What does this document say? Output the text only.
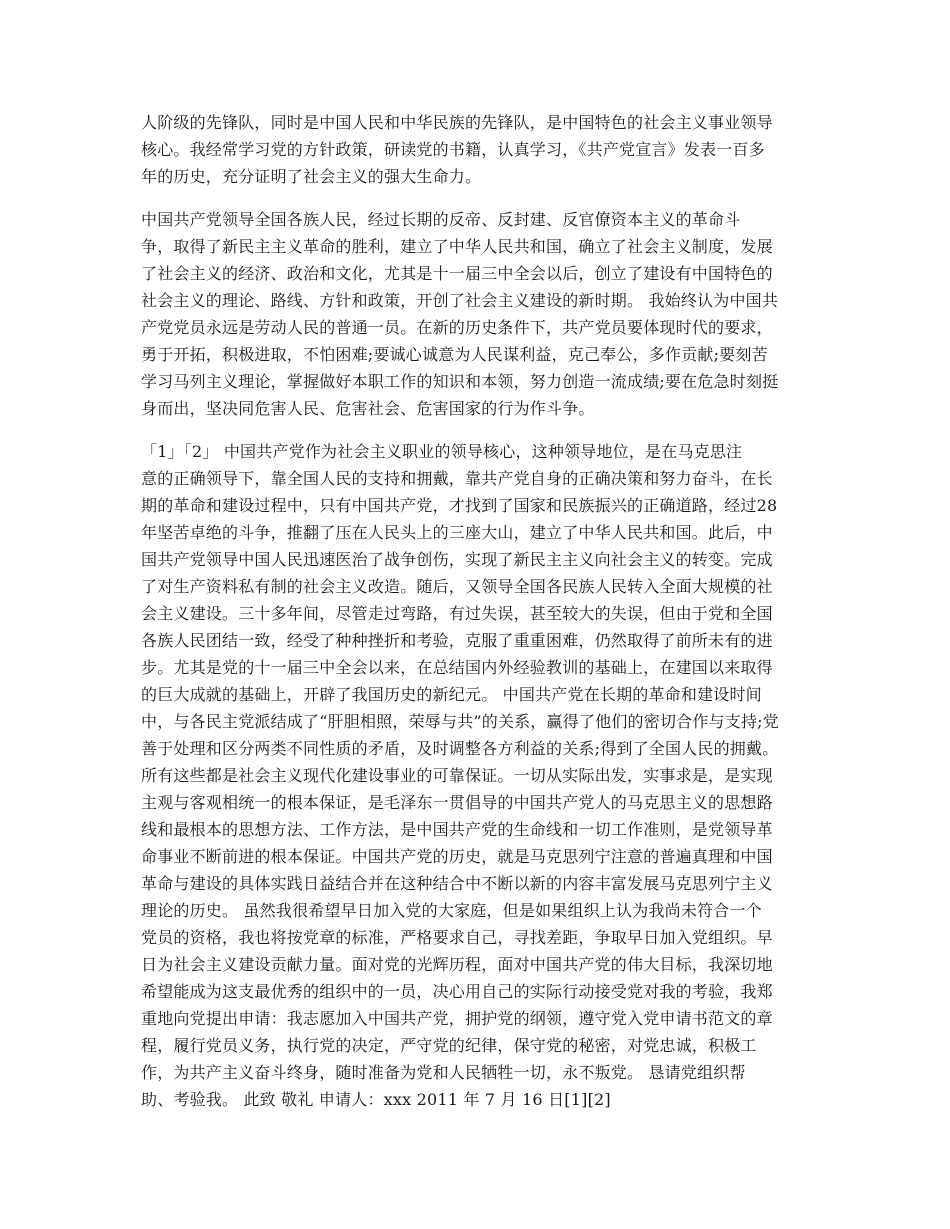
人阶级的先锋队，同时是中国人民和中华民族的先锋队，是中国特色的社会主义事业领导

核心。我经常学习党的方针政策，研读党的书籍，认真学习，《共产党宣言》发表一百多

年的历史，充分证明了社会主义的强大生命力。

中国共产党领导全国各族人民，经过长期的反帝、反封建、反官僚资本主义的革命斗

争，取得了新民主主义革命的胜利，建立了中华人民共和国，确立了社会主义制度，发展

了社会主义的经济、政治和文化，尤其是十一届三中全会以后，创立了建设有中国特色的

社会主义的理论、路线、方针和政策，开创了社会主义建设的新时期。 我始终认为中国共

产党党员永远是劳动人民的普通一员。在新的历史条件下，共产党员要体现时代的要求，

勇于开拓，积极进取，不怕困难;要诚心诚意为人民谋利益，克己奉公，多作贡献;要刻苦

学习马列主义理论，掌握做好本职工作的知识和本领，努力创造一流成绩;要在危急时刻挺

身而出，坚决同危害人民、危害社会、危害国家的行为作斗争。

「1」「2」 中国共产党作为社会主义职业的领导核心，这种领导地位，是在马克思注

意的正确领导下，靠全国人民的支持和拥戴，靠共产党自身的正确决策和努力奋斗，在长

期的革命和建设过程中，只有中国共产党，才找到了国家和民族振兴的正确道路，经过28

年坚苦卓绝的斗争，推翻了压在人民头上的三座大山，建立了中华人民共和国。此后，中

国共产党领导中国人民迅速医治了战争创伤，实现了新民主主义向社会主义的转变。完成

了对生产资料私有制的社会主义改造。随后，又领导全国各民族人民转入全面大规模的社

会主义建设。三十多年间，尽管走过弯路，有过失误，甚至较大的失误，但由于党和全国

各族人民团结一致，经受了种种挫折和考验，克服了重重困难，仍然取得了前所未有的进

步。尤其是党的十一届三中全会以来，在总结国内外经验教训的基础上，在建国以来取得

的巨大成就的基础上，开辟了我国历史的新纪元。 中国共产党在长期的革命和建设时间

中，与各民主党派结成了“肝胆相照，荣辱与共”的关系，赢得了他们的密切合作与支持;党

善于处理和区分两类不同性质的矛盾，及时调整各方利益的关系;得到了全国人民的拥戴。

所有这些都是社会主义现代化建设事业的可靠保证。一切从实际出发，实事求是，是实现

主观与客观相统一的根本保证，是毛泽东一贯倡导的中国共产党人的马克思主义的思想路

线和最根本的思想方法、工作方法，是中国共产党的生命线和一切工作准则，是党领导革

命事业不断前进的根本保证。中国共产党的历史，就是马克思列宁注意的普遍真理和中国

革命与建设的具体实践日益结合并在这种结合中不断以新的内容丰富发展马克思列宁主义

理论的历史。 虽然我很希望早日加入党的大家庭，但是如果组织上认为我尚未符合一个

党员的资格，我也将按党章的标准，严格要求自己，寻找差距，争取早日加入党组织。早

日为社会主义建设贡献力量。面对党的光辉历程，面对中国共产党的伟大目标，我深切地

希望能成为这支最优秀的组织中的一员，决心用自己的实际行动接受党对我的考验，我郑

重地向党提出申请：我志愿加入中国共产党，拥护党的纲领，遵守党入党申请书范文的章

程，履行党员义务，执行党的决定，严守党的纪律，保守党的秘密，对党忠诚，积极工

作，为共产主义奋斗终身，随时准备为党和人民牺牲一切，永不叛党。 恳请党组织帮

助、考验我。 此致 敬礼 申请人：xxx 2011 年 7 月 16 日[1][2]
